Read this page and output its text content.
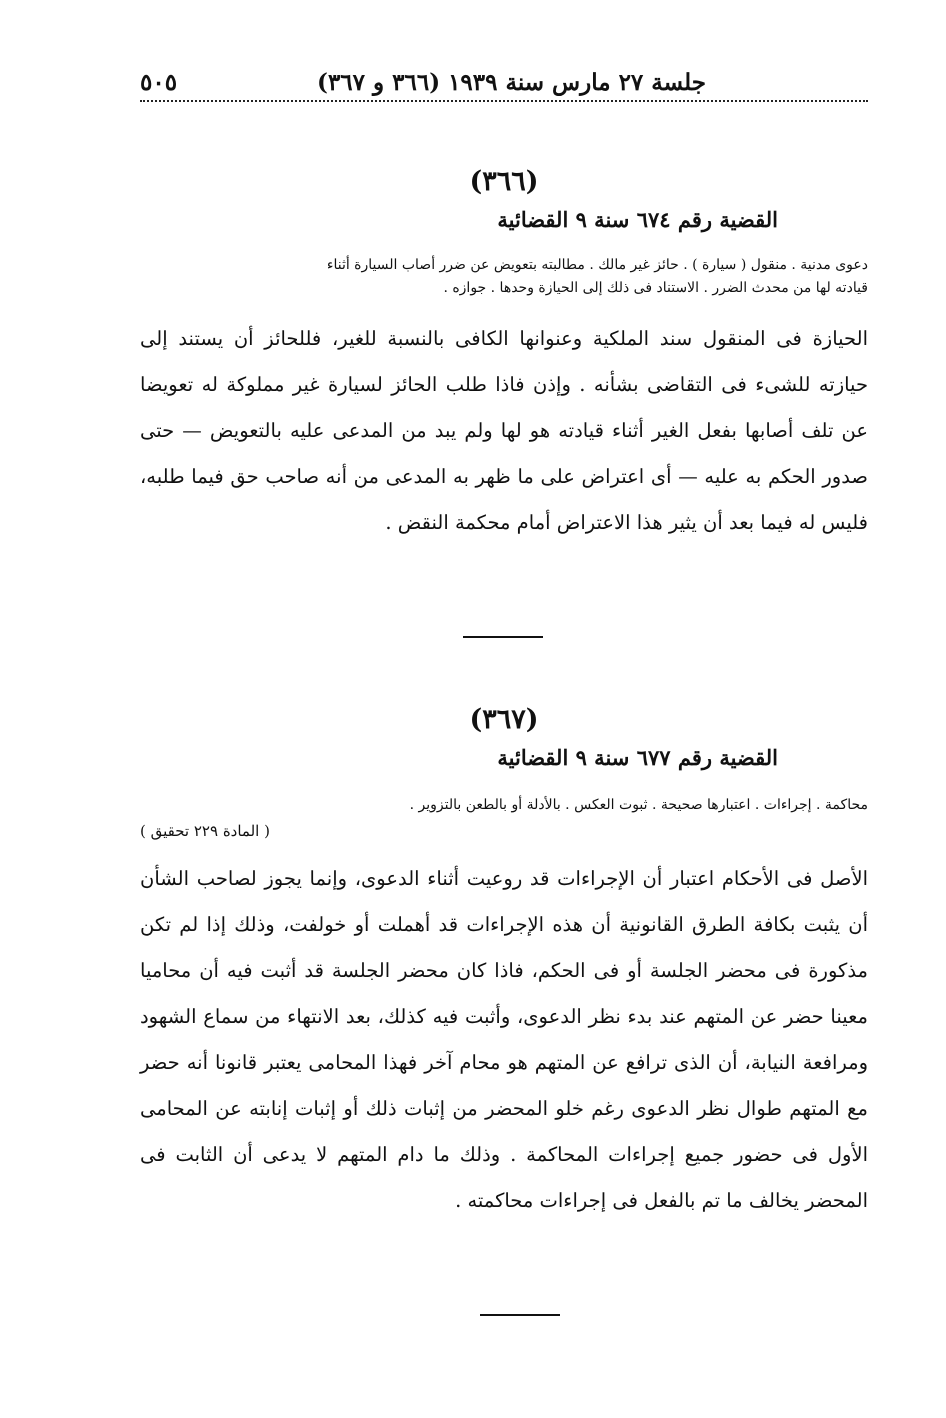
جلسة ٢٧ مارس سنة ١٩٣٩ (٣٦٦ و ٣٦٧)
٥٠٥
(٣٦٦)
القضية رقم ٦٧٤ سنة ٩ القضائية
دعوى مدنية . منقول ( سيارة ) . حائز غير مالك . مطالبته بتعويض عن ضرر أصاب السيارة أثناء
قيادته لها من محدث الضرر . الاستناد فى ذلك إلى الحيازة وحدها . جوازه .
الحيازة فى المنقول سند الملكية وعنوانها الكافى بالنسبة للغير، فللحائز أن يستند إلى حيازته للشىء فى التقاضى بشأنه . وإذن فاذا طلب الحائز لسيارة غير مملوكة له تعويضا عن تلف أصابها بفعل الغير أثناء قيادته هو لها ولم يبد من المدعى عليه بالتعويض — حتى صدور الحكم به عليه — أى اعتراض على ما ظهر به المدعى من أنه صاحب حق فيما طلبه، فليس له فيما بعد أن يثير هذا الاعتراض أمام محكمة النقض .
(٣٦٧)
القضية رقم ٦٧٧ سنة ٩ القضائية
محاكمة . إجراءات . اعتبارها صحيحة . ثبوت العكس . بالأدلة أو بالطعن بالتزوير .
( المادة ٢٢٩ تحقيق )
الأصل فى الأحكام اعتبار أن الإجراءات قد روعيت أثناء الدعوى، وإنما يجوز لصاحب الشأن أن يثبت بكافة الطرق القانونية أن هذه الإجراءات قد أهملت أو خولفت، وذلك إذا لم تكن مذكورة فى محضر الجلسة أو فى الحكم، فاذا كان محضر الجلسة قد أثبت فيه أن محاميا معينا حضر عن المتهم عند بدء نظر الدعوى، وأثبت فيه كذلك، بعد الانتهاء من سماع الشهود ومرافعة النيابة، أن الذى ترافع عن المتهم هو محام آخر فهذا المحامى يعتبر قانونا أنه حضر مع المتهم طوال نظر الدعوى رغم خلو المحضر من إثبات ذلك أو إثبات إنابته عن المحامى الأول فى حضور جميع إجراءات المحاكمة . وذلك ما دام المتهم لا يدعى أن الثابت فى المحضر يخالف ما تم بالفعل فى إجراءات محاكمته .
